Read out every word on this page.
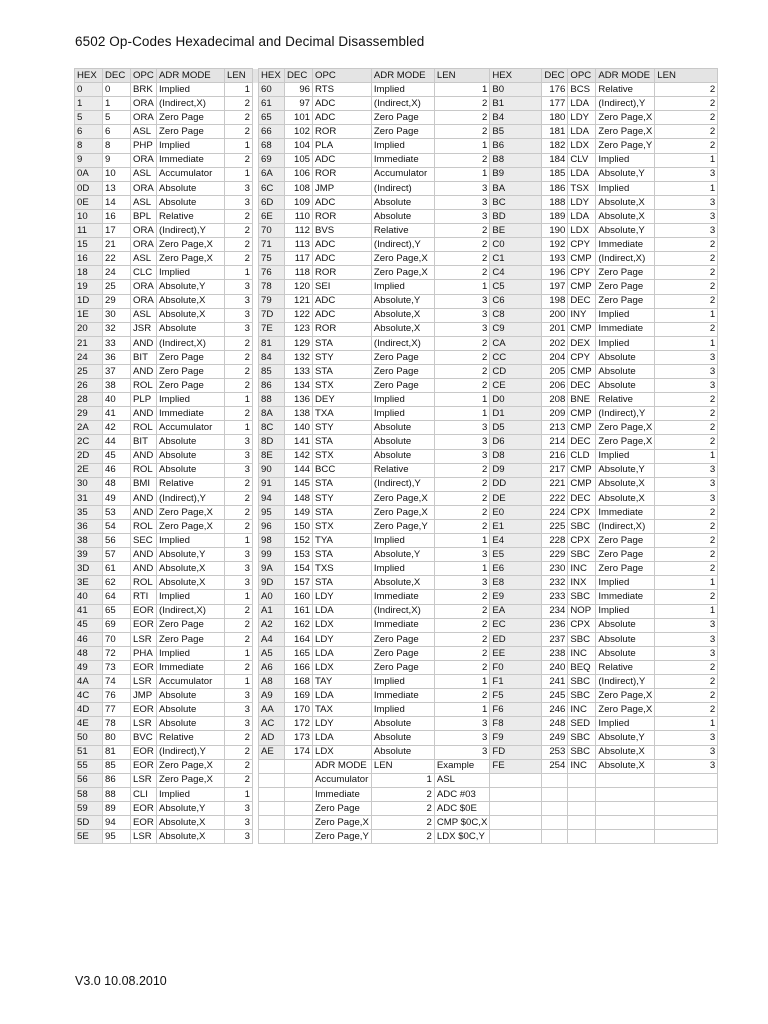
6502 Op-Codes Hexadecimal and Decimal Disassembled
HEX	DEC	OPC	ADR MODE	LEN		HEX	DEC	OPC	ADR MODE	LEN	HEX	DEC	OPC	ADR MODE	LEN
0	0	BRK	Implied	1		60	96	RTS	Implied	1	B0	176	BCS	Relative	2
1	1	ORA	(Indirect,X)	2		61	97	ADC	(Indirect,X)	2	B1	177	LDA	(Indirect),Y	2
5	5	ORA	Zero Page	2		65	101	ADC	Zero Page	2	B4	180	LDY	Zero Page,X	2
6	6	ASL	Zero Page	2		66	102	ROR	Zero Page	2	B5	181	LDA	Zero Page,X	2
8	8	PHP	Implied	1		68	104	PLA	Implied	1	B6	182	LDX	Zero Page,Y	2
9	9	ORA	Immediate	2		69	105	ADC	Immediate	2	B8	184	CLV	Implied	1
0A	10	ASL	Accumulator	1		6A	106	ROR	Accumulator	1	B9	185	LDA	Absolute,Y	3
0D	13	ORA	Absolute	3		6C	108	JMP	(Indirect)	3	BA	186	TSX	Implied	1
0E	14	ASL	Absolute	3		6D	109	ADC	Absolute	3	BC	188	LDY	Absolute,X	3
10	16	BPL	Relative	2		6E	110	ROR	Absolute	3	BD	189	LDA	Absolute,X	3
11	17	ORA	(Indirect),Y	2		70	112	BVS	Relative	2	BE	190	LDX	Absolute,Y	3
15	21	ORA	Zero Page,X	2		71	113	ADC	(Indirect),Y	2	C0	192	CPY	Immediate	2
16	22	ASL	Zero Page,X	2		75	117	ADC	Zero Page,X	2	C1	193	CMP	(Indirect,X)	2
18	24	CLC	Implied	1		76	118	ROR	Zero Page,X	2	C4	196	CPY	Zero Page	2
19	25	ORA	Absolute,Y	3		78	120	SEI	Implied	1	C5	197	CMP	Zero Page	2
1D	29	ORA	Absolute,X	3		79	121	ADC	Absolute,Y	3	C6	198	DEC	Zero Page	2
1E	30	ASL	Absolute,X	3		7D	122	ADC	Absolute,X	3	C8	200	INY	Implied	1
20	32	JSR	Absolute	3		7E	123	ROR	Absolute,X	3	C9	201	CMP	Immediate	2
21	33	AND	(Indirect,X)	2		81	129	STA	(Indirect,X)	2	CA	202	DEX	Implied	1
24	36	BIT	Zero Page	2		84	132	STY	Zero Page	2	CC	204	CPY	Absolute	3
25	37	AND	Zero Page	2		85	133	STA	Zero Page	2	CD	205	CMP	Absolute	3
26	38	ROL	Zero Page	2		86	134	STX	Zero Page	2	CE	206	DEC	Absolute	3
28	40	PLP	Implied	1		88	136	DEY	Implied	1	D0	208	BNE	Relative	2
29	41	AND	Immediate	2		8A	138	TXA	Implied	1	D1	209	CMP	(Indirect),Y	2
2A	42	ROL	Accumulator	1		8C	140	STY	Absolute	3	D5	213	CMP	Zero Page,X	2
2C	44	BIT	Absolute	3		8D	141	STA	Absolute	3	D6	214	DEC	Zero Page,X	2
2D	45	AND	Absolute	3		8E	142	STX	Absolute	3	D8	216	CLD	Implied	1
2E	46	ROL	Absolute	3		90	144	BCC	Relative	2	D9	217	CMP	Absolute,Y	3
30	48	BMI	Relative	2		91	145	STA	(Indirect),Y	2	DD	221	CMP	Absolute,X	3
31	49	AND	(Indirect),Y	2		94	148	STY	Zero Page,X	2	DE	222	DEC	Absolute,X	3
35	53	AND	Zero Page,X	2		95	149	STA	Zero Page,X	2	E0	224	CPX	Immediate	2
36	54	ROL	Zero Page,X	2		96	150	STX	Zero Page,Y	2	E1	225	SBC	(Indirect,X)	2
38	56	SEC	Implied	1		98	152	TYA	Implied	1	E4	228	CPX	Zero Page	2
39	57	AND	Absolute,Y	3		99	153	STA	Absolute,Y	3	E5	229	SBC	Zero Page	2
3D	61	AND	Absolute,X	3		9A	154	TXS	Implied	1	E6	230	INC	Zero Page	2
3E	62	ROL	Absolute,X	3		9D	157	STA	Absolute,X	3	E8	232	INX	Implied	1
40	64	RTI	Implied	1		A0	160	LDY	Immediate	2	E9	233	SBC	Immediate	2
41	65	EOR	(Indirect,X)	2		A1	161	LDA	(Indirect,X)	2	EA	234	NOP	Implied	1
45	69	EOR	Zero Page	2		A2	162	LDX	Immediate	2	EC	236	CPX	Absolute	3
46	70	LSR	Zero Page	2		A4	164	LDY	Zero Page	2	ED	237	SBC	Absolute	3
48	72	PHA	Implied	1		A5	165	LDA	Zero Page	2	EE	238	INC	Absolute	3
49	73	EOR	Immediate	2		A6	166	LDX	Zero Page	2	F0	240	BEQ	Relative	2
4A	74	LSR	Accumulator	1		A8	168	TAY	Implied	1	F1	241	SBC	(Indirect),Y	2
4C	76	JMP	Absolute	3		A9	169	LDA	Immediate	2	F5	245	SBC	Zero Page,X	2
4D	77	EOR	Absolute	3		AA	170	TAX	Implied	1	F6	246	INC	Zero Page,X	2
4E	78	LSR	Absolute	3		AC	172	LDY	Absolute	3	F8	248	SED	Implied	1
50	80	BVC	Relative	2		AD	173	LDA	Absolute	3	F9	249	SBC	Absolute,Y	3
51	81	EOR	(Indirect),Y	2		AE	174	LDX	Absolute	3	FD	253	SBC	Absolute,X	3
55	85	EOR	Zero Page,X	2				ADR MODE	LEN	Example	FE	254	INC	Absolute,X	3
56	86	LSR	Zero Page,X	2				Accumulator	1	ASL					
58	88	CLI	Implied	1				Immediate	2	ADC #03					
59	89	EOR	Absolute,Y	3				Zero Page	2	ADC $0E					
5D	94	EOR	Absolute,X	3				Zero Page,X	2	CMP $0C,X					
5E	95	LSR	Absolute,X	3				Zero Page,Y	2	LDX $0C,Y					
V3.0 10.08.2010
